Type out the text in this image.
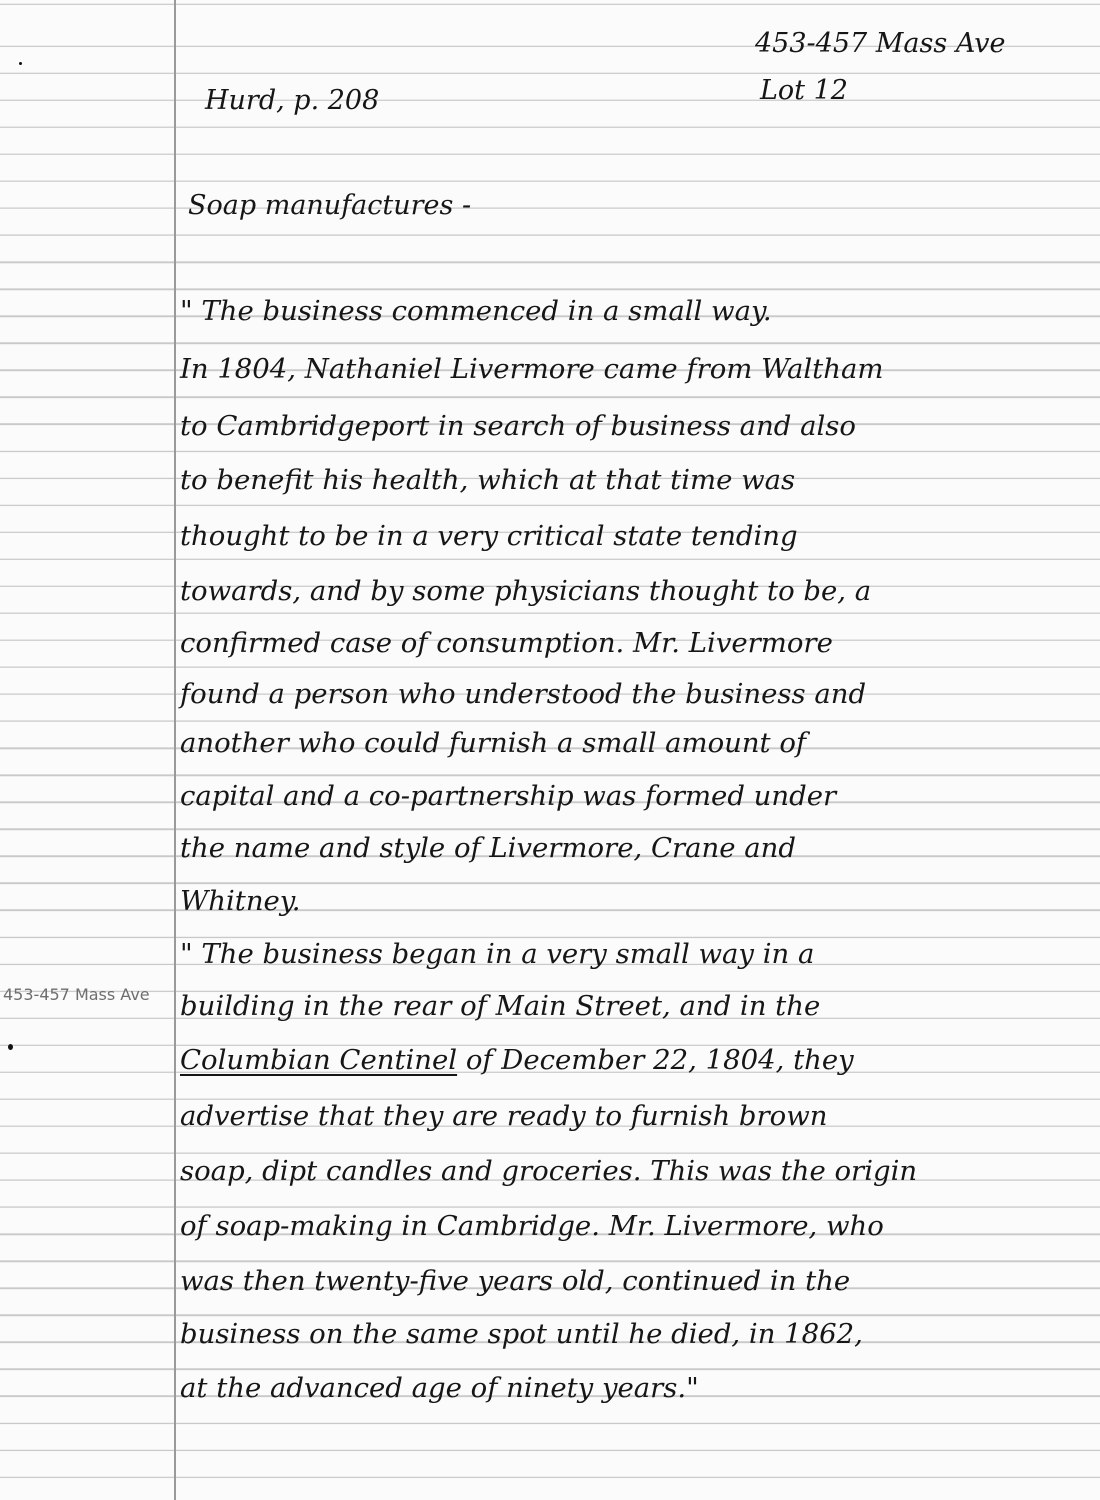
453-457 Mass Ave
Lot 12
Hurd, p. 208
Soap manufactures -
453-457 Mass Ave
" The business commenced in a small way.
In 1804, Nathaniel Livermore came from Waltham
to Cambridgeport in search of business and also
to benefit his health, which at that time was
thought to be in a very critical state tending
towards, and by some physicians thought to be, a
confirmed case of consumption. Mr. Livermore
found a person who understood the business and
another who could furnish a small amount of
capital and a co-partnership was formed under
the name and style of Livermore, Crane and
Whitney.
" The business began in a very small way in a
building in the rear of Main Street, and in the
Columbian Centinel of December 22, 1804, they
advertise that they are ready to furnish brown
soap, dipt candles and groceries. This was the origin
of soap-making in Cambridge. Mr. Livermore, who
was then twenty-five years old, continued in the
business on the same spot until he died, in 1862,
at the advanced age of ninety years."
